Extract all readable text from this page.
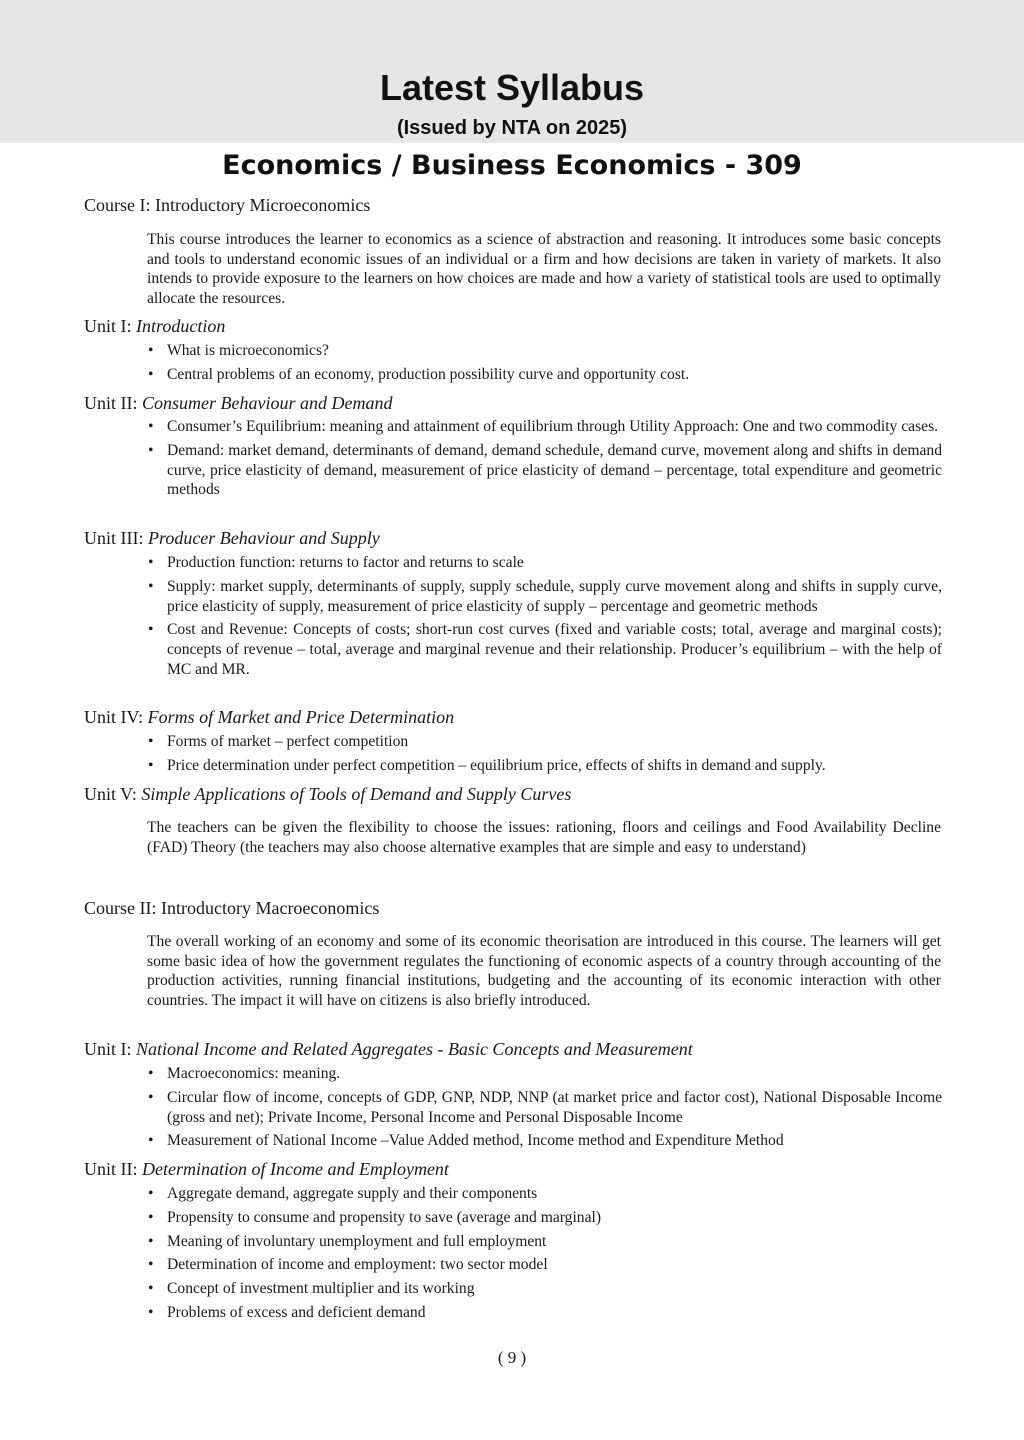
Latest Syllabus
(Issued by NTA on 2025)
Economics / Business Economics - 309
Course I: Introductory Microeconomics
This course introduces the learner to economics as a science of abstraction and reasoning. It introduces some basic concepts and tools to understand economic issues of an individual or a firm and how decisions are taken in variety of markets. It also intends to provide exposure to the learners on how choices are made and how a variety of statistical tools are used to optimally allocate the resources.
Unit I: Introduction
• What is microeconomics?
• Central problems of an economy, production possibility curve and opportunity cost.
Unit II: Consumer Behaviour and Demand
• Consumer’s Equilibrium: meaning and attainment of equilibrium through Utility Approach: One and two commodity cases.
• Demand: market demand, determinants of demand, demand schedule, demand curve, movement along and shifts in demand curve, price elasticity of demand, measurement of price elasticity of demand – percentage, total expenditure and geometric methods
Unit III: Producer Behaviour and Supply
• Production function: returns to factor and returns to scale
• Supply: market supply, determinants of supply, supply schedule, supply curve movement along and shifts in supply curve, price elasticity of supply, measurement of price elasticity of supply – percentage and geometric methods
• Cost and Revenue: Concepts of costs; short-run cost curves (fixed and variable costs; total, average and marginal costs); concepts of revenue – total, average and marginal revenue and their relationship. Producer’s equilibrium – with the help of MC and MR.
Unit IV: Forms of Market and Price Determination
• Forms of market – perfect competition
• Price determination under perfect competition – equilibrium price, effects of shifts in demand and supply.
Unit V: Simple Applications of Tools of Demand and Supply Curves
The teachers can be given the flexibility to choose the issues: rationing, floors and ceilings and Food Availability Decline (FAD) Theory (the teachers may also choose alternative examples that are simple and easy to understand)
Course II: Introductory Macroeconomics
The overall working of an economy and some of its economic theorisation are introduced in this course. The learners will get some basic idea of how the government regulates the functioning of economic aspects of a country through accounting of the production activities, running financial institutions, budgeting and the accounting of its economic interaction with other countries. The impact it will have on citizens is also briefly introduced.
Unit I: National Income and Related Aggregates - Basic Concepts and Measurement
• Macroeconomics: meaning.
• Circular flow of income, concepts of GDP, GNP, NDP, NNP (at market price and factor cost), National Disposable Income (gross and net); Private Income, Personal Income and Personal Disposable Income
• Measurement of National Income –Value Added method, Income method and Expenditure Method
Unit II: Determination of Income and Employment
• Aggregate demand, aggregate supply and their components
• Propensity to consume and propensity to save (average and marginal)
• Meaning of involuntary unemployment and full employment
• Determination of income and employment: two sector model
• Concept of investment multiplier and its working
• Problems of excess and deficient demand
( 9 )
